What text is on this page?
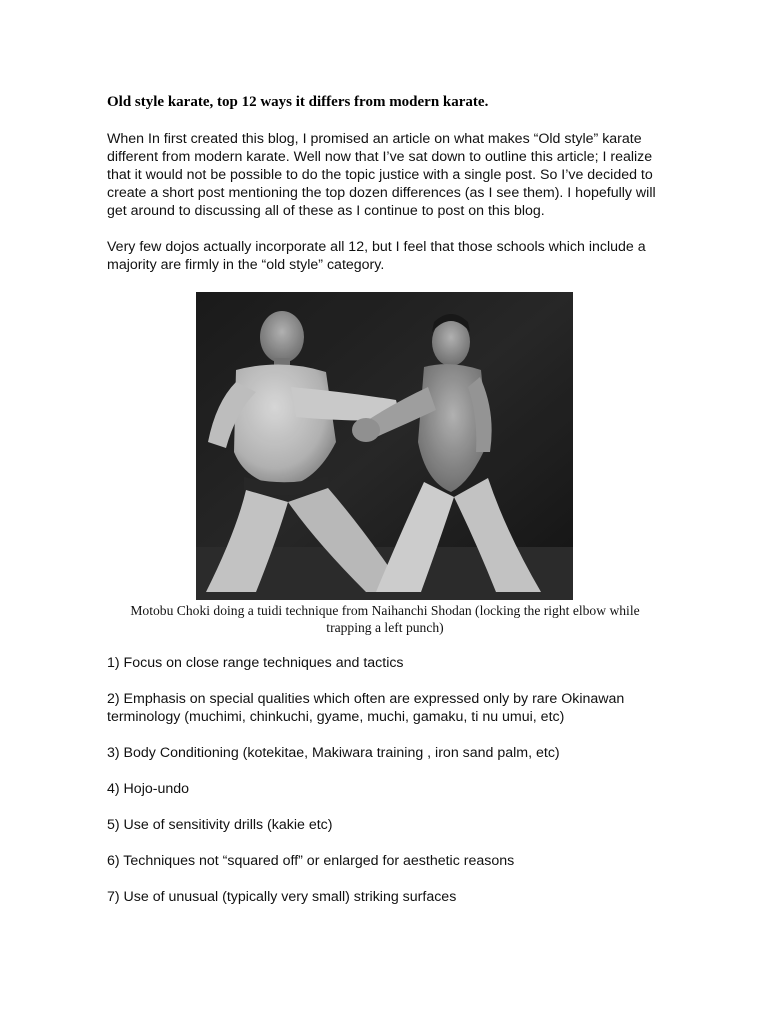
Old style karate, top 12 ways it differs from modern karate.

When In first created this blog, I promised an article on what makes “Old style” karate different from modern karate. Well now that I’ve sat down to outline this article; I realize that it would not be possible to do the topic justice with a single post. So I’ve decided to create a short post mentioning the top dozen differences (as I see them). I hopefully will get around to discussing all of these as I continue to post on this blog.

Very few dojos actually incorporate all 12, but I feel that those schools which include a majority are firmly in the “old style” category.

Motobu Choki doing a tuidi technique from Naihanchi Shodan (locking the right elbow while trapping a left punch)

1) Focus on close range techniques and tactics

2) Emphasis on special qualities which often are expressed only by rare Okinawan terminology (muchimi, chinkuchi, gyame, muchi, gamaku, ti nu umui, etc)

3) Body Conditioning (kotekitae, Makiwara training , iron sand palm, etc)

4) Hojo-undo

5) Use of sensitivity drills (kakie etc)

6) Techniques not “squared off” or enlarged for aesthetic reasons

7) Use of unusual (typically very small) striking surfaces
